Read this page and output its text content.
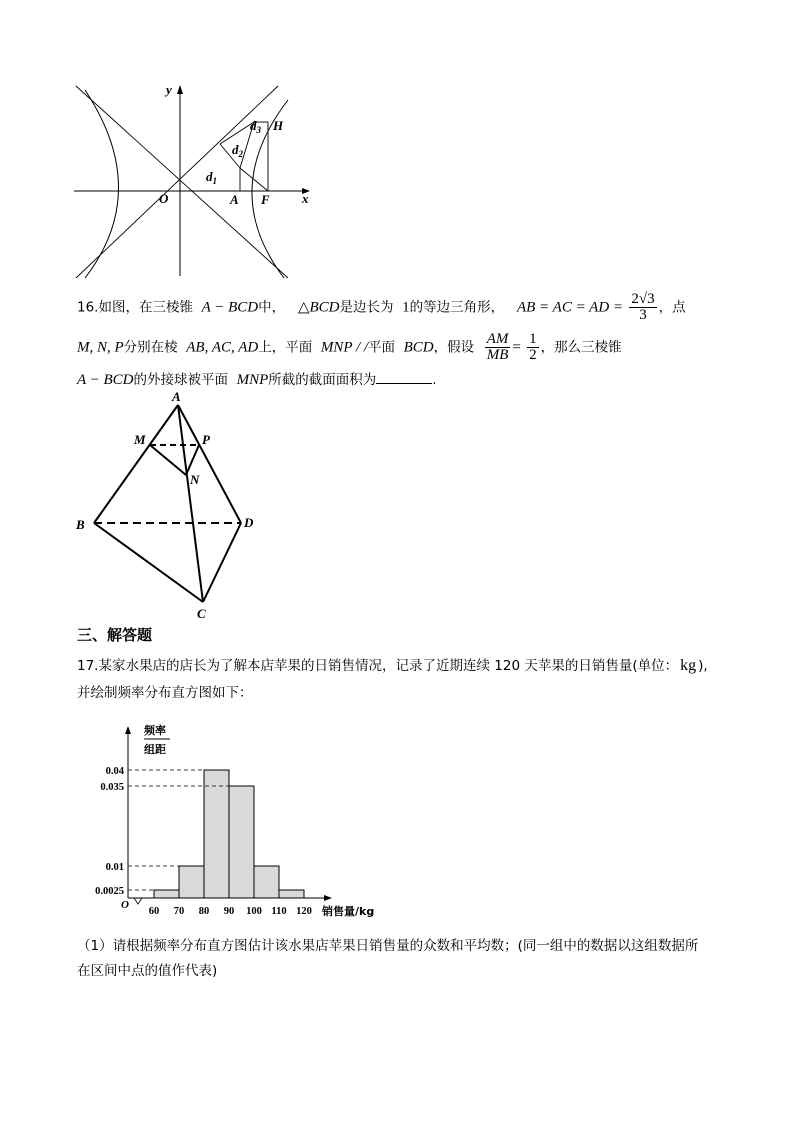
y
x
O	A F
H
$d_1$
$d_2$
$d_3$
16.如图，在三棱锥 A − BCD中， △BCD是边长为 1的等边三角形， AB = AC = AD = $\frac{2√3}{3}$ ，点
M, N, P分别在棱 AB, AC, AD上，平面 MNP / /平面 BCD，假设 $\frac{AM}{MB} = \frac{1}{2}$ ，那么三棱锥
A − BCD的外接球被平面 MNP所截的截面面积为	.
A
M	P
N
B	D
C
三、解答题
17.某家水果店的店长为了解本店苹果的日销售情况，记录了近期连续 120 天苹果的日销售量(单位： kg ),
并绘制频率分布直方图如下：
频率
组距
O	销售量/kg
0.04
0.035
0.01
0.0025
60 70 80 90 100 110 120
（1）请根据频率分布直方图估计该水果店苹果日销售量的众数和平均数；(同一组中的数据以这组数据所
在区间中点的值作代表)
